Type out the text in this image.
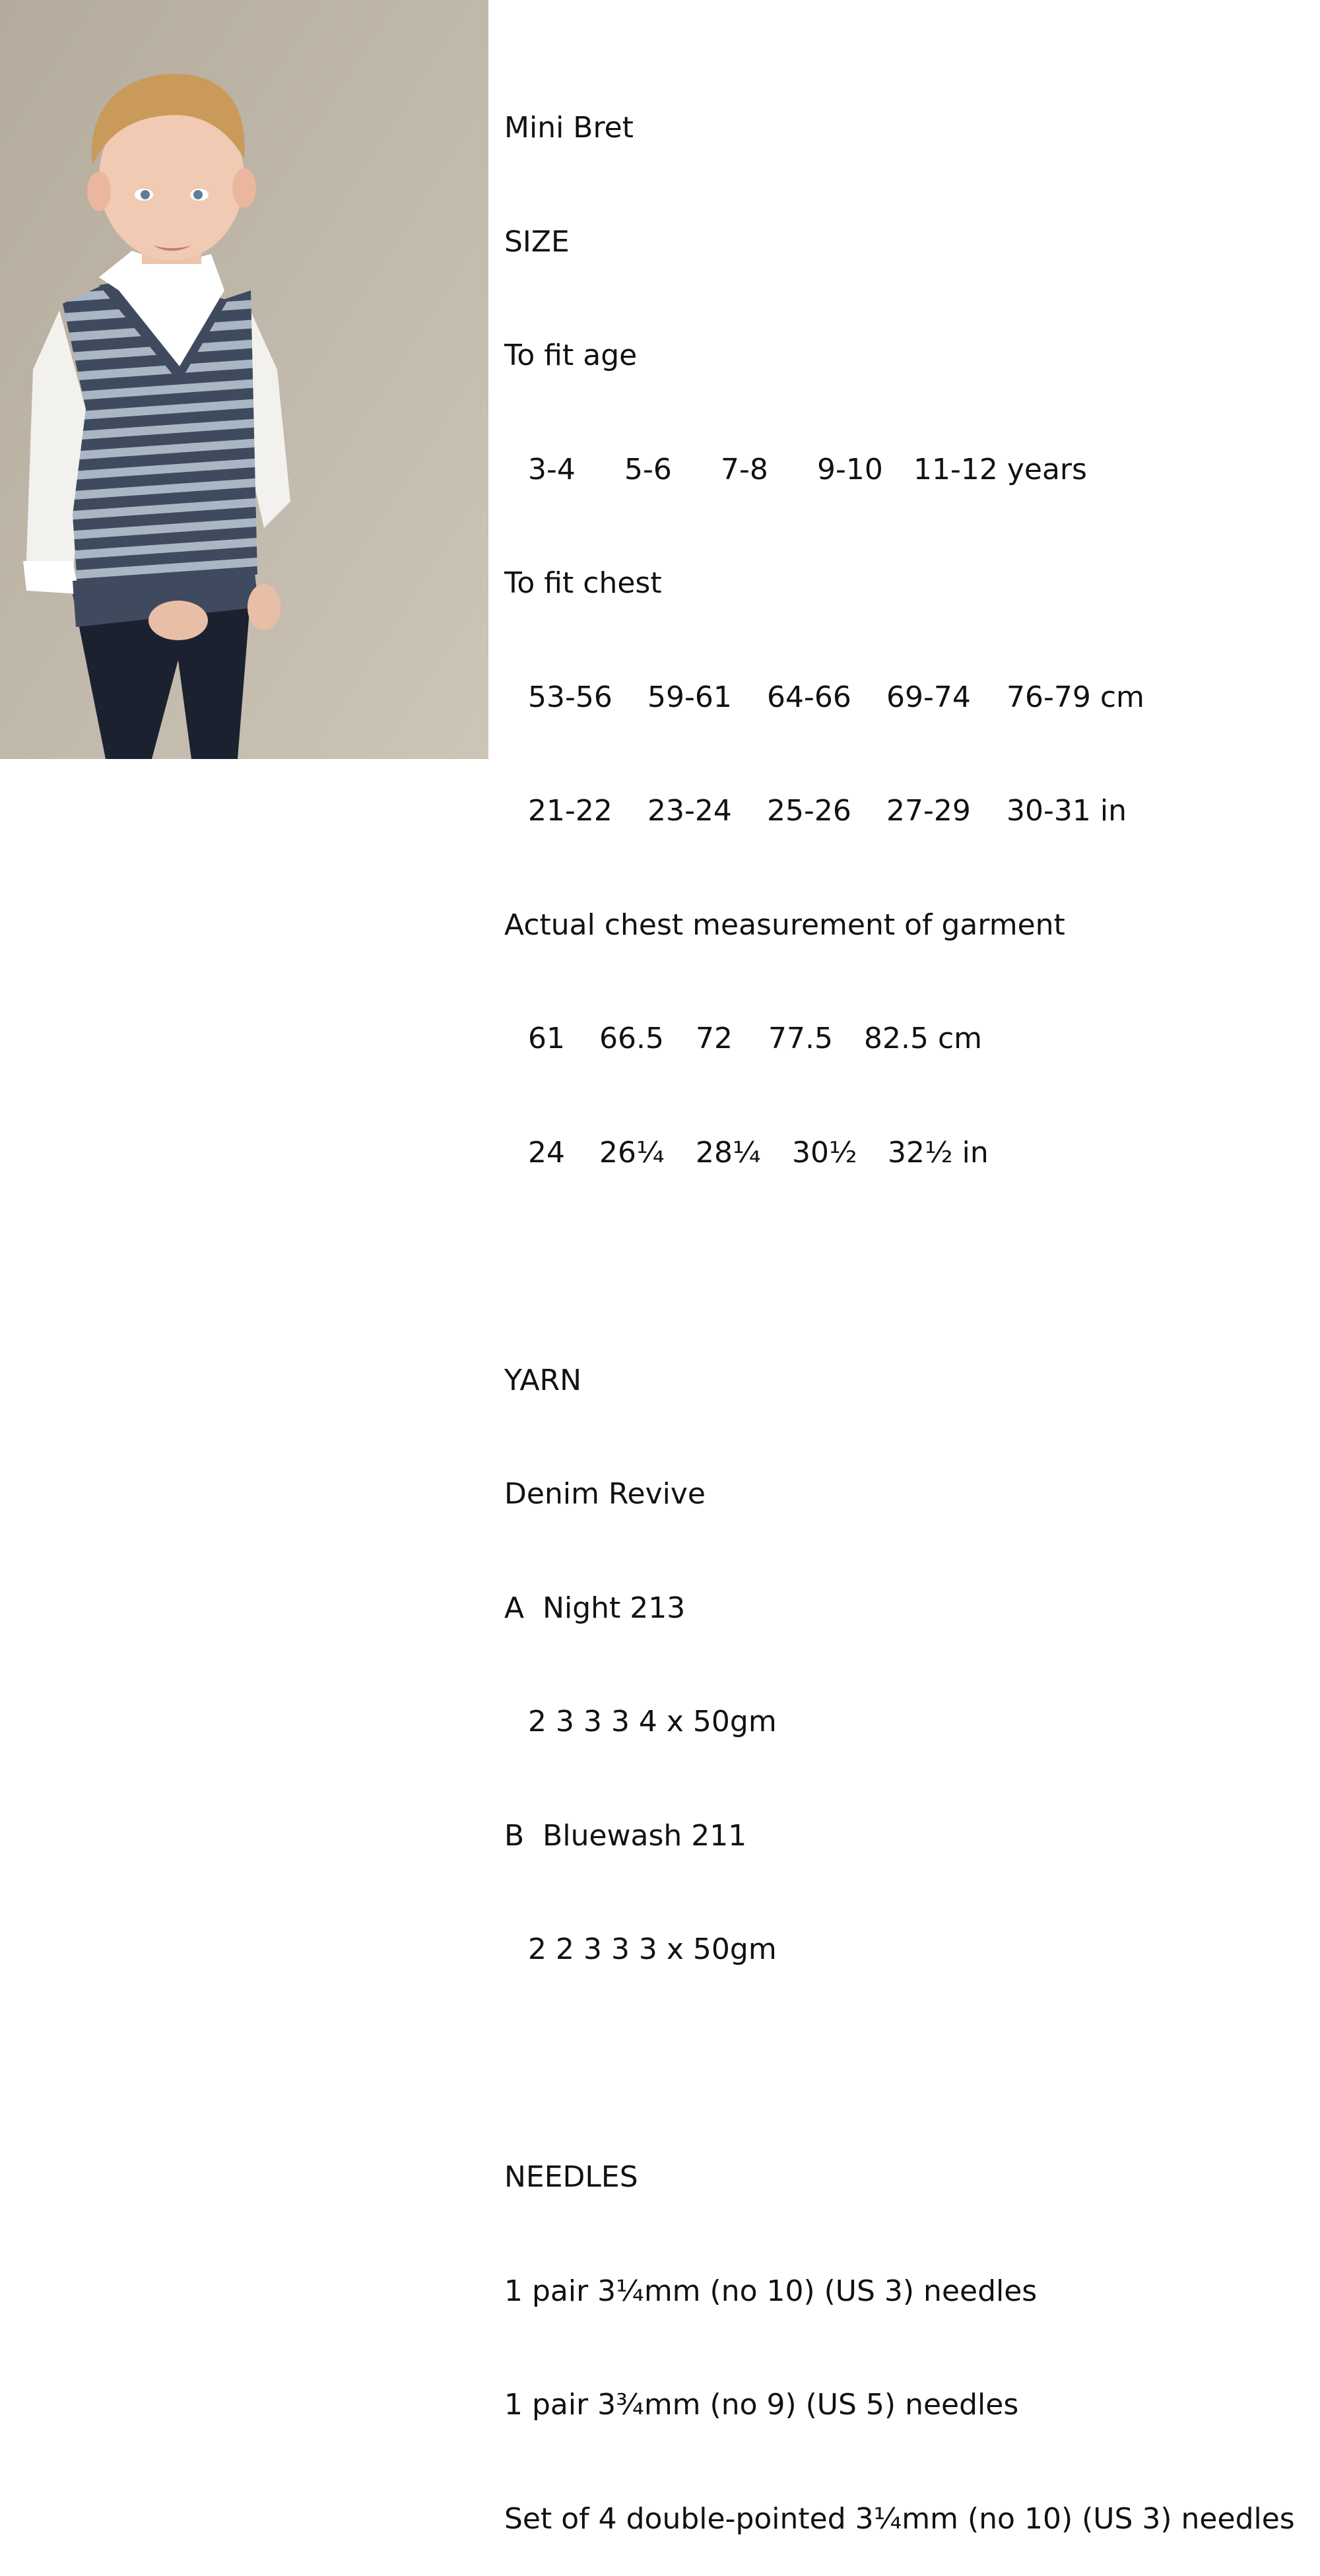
Mini Bret

SIZE

To fit age

3-4 5-6 7-8 9-10 11-12 years

To fit chest

53-56 59-61 64-66 69-74 76-79 cm

21-22 23-24 25-26 27-29 30-31 in

Actual chest measurement of garment

61 66.5 72 77.5 82.5 cm

24 26¼ 28¼ 30½ 32½ in

YARN

Denim Revive

A  Night 213

2 3 3 3 4 x 50gm

B  Bluewash 211

2 2 3 3 3 x 50gm

NEEDLES

1 pair 3¼mm (no 10) (US 3) needles

1 pair 3¾mm (no 9) (US 5) needles

Set of 4 double-pointed 3¼mm (no 10) (US 3) needles
